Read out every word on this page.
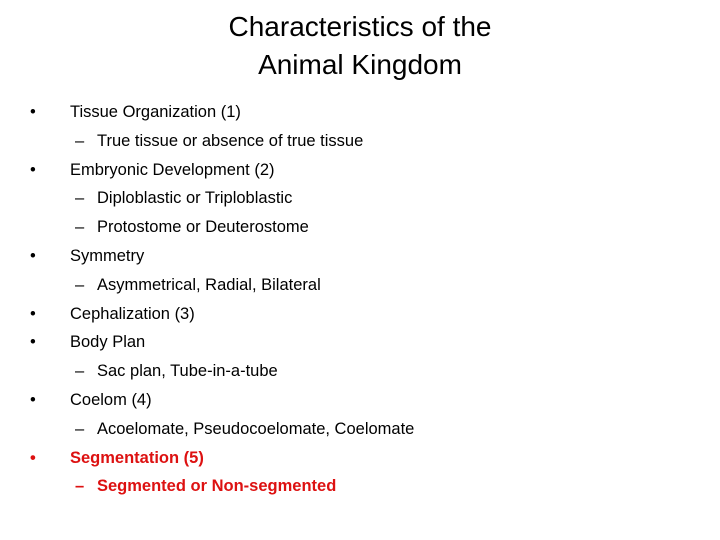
Characteristics of the
Animal Kingdom
•	Tissue Organization (1)
– True tissue or absence of true tissue
•	Embryonic Development (2)
– Diploblastic or Triploblastic
– Protostome or Deuterostome
•	Symmetry
– Asymmetrical, Radial, Bilateral
•	Cephalization (3)
•	Body Plan
– Sac plan, Tube-in-a-tube
•	Coelom (4)
– Acoelomate, Pseudocoelomate, Coelomate
•	Segmentation (5)
– Segmented or Non-segmented
